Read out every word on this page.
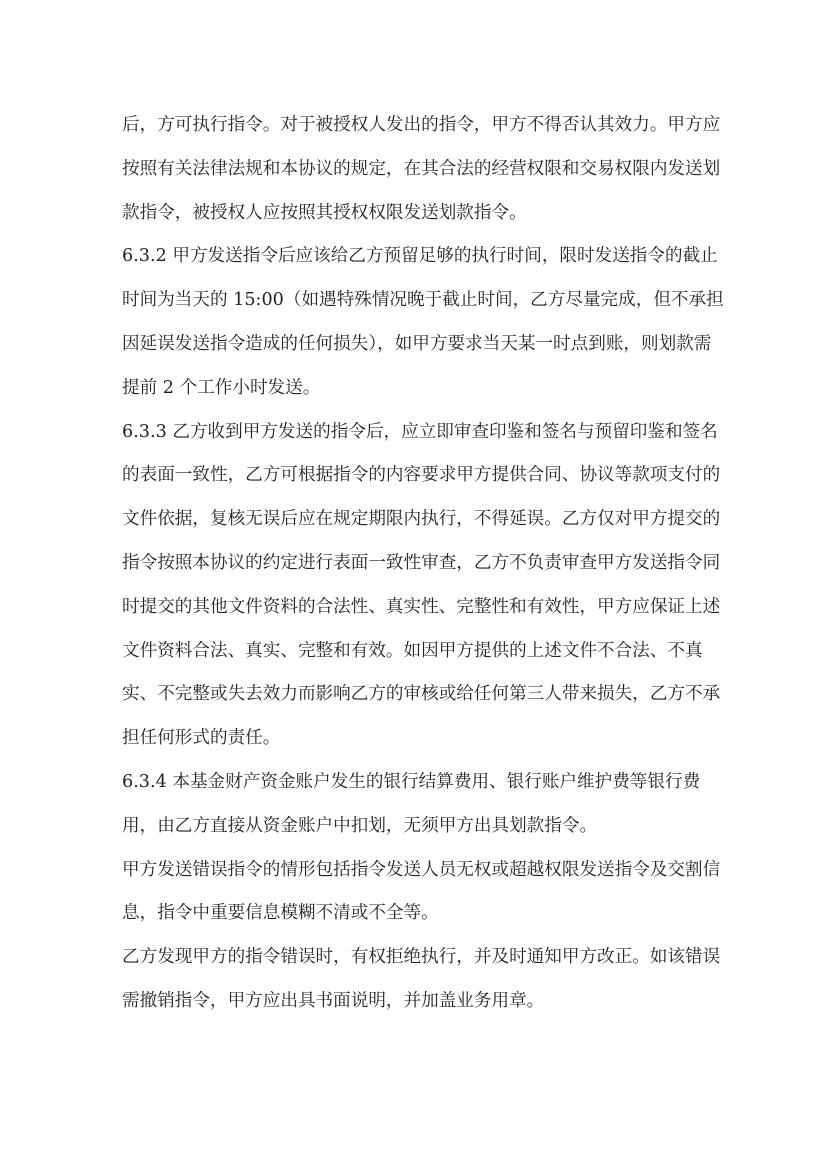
后，方可执行指令。对于被授权人发出的指令，甲方不得否认其效力。甲方应
按照有关法律法规和本协议的规定，在其合法的经营权限和交易权限内发送划
款指令，被授权人应按照其授权权限发送划款指令。
6.3.2 甲方发送指令后应该给乙方预留足够的执行时间，限时发送指令的截止
时间为当天的 15:00（如遇特殊情况晚于截止时间，乙方尽量完成，但不承担
因延误发送指令造成的任何损失），如甲方要求当天某一时点到账，则划款需
提前 2 个工作小时发送。
6.3.3 乙方收到甲方发送的指令后，应立即审查印鉴和签名与预留印鉴和签名
的表面一致性，乙方可根据指令的内容要求甲方提供合同、协议等款项支付的
文件依据，复核无误后应在规定期限内执行，不得延误。乙方仅对甲方提交的
指令按照本协议的约定进行表面一致性审查，乙方不负责审查甲方发送指令同
时提交的其他文件资料的合法性、真实性、完整性和有效性，甲方应保证上述
文件资料合法、真实、完整和有效。如因甲方提供的上述文件不合法、不真
实、不完整或失去效力而影响乙方的审核或给任何第三人带来损失，乙方不承
担任何形式的责任。
6.3.4 本基金财产资金账户发生的银行结算费用、银行账户维护费等银行费
用，由乙方直接从资金账户中扣划，无须甲方出具划款指令。
甲方发送错误指令的情形包括指令发送人员无权或超越权限发送指令及交割信
息，指令中重要信息模糊不清或不全等。
乙方发现甲方的指令错误时，有权拒绝执行，并及时通知甲方改正。如该错误
需撤销指令，甲方应出具书面说明，并加盖业务用章。
